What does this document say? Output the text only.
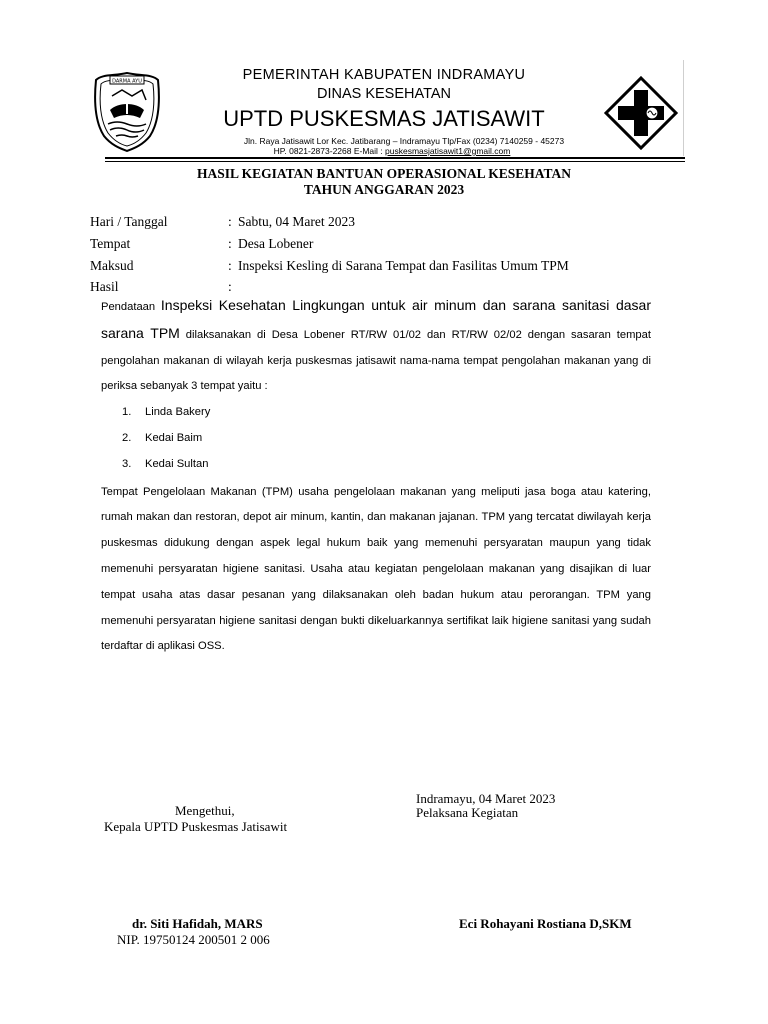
DARMA AYU	PEMERINTAH KABUPATEN INDRAMAYU
DINAS KESEHATAN
UPTD PUSKESMAS JATISAWIT
Jln. Raya Jatisawit Lor Kec. Jatibarang – Indramayu Tlp/Fax (0234) 7140259 - 45273
HP. 0821-2873-2268 E-Mail : puskesmasjatisawit1@gmail.com
HASIL KEGIATAN BANTUAN OPERASIONAL KESEHATAN
TAHUN ANGGARAN 2023
Hari / Tanggal	: Sabtu, 04 Maret 2023
Tempat	: Desa Lobener
Maksud	: Inspeksi Kesling di Sarana Tempat dan Fasilitas Umum TPM
Hasil	:

Pendataan Inspeksi Kesehatan Lingkungan untuk air minum dan sarana sanitasi dasar sarana TPM dilaksanakan di Desa Lobener RT/RW 01/02 dan RT/RW 02/02 dengan sasaran tempat pengolahan makanan di wilayah kerja puskesmas jatisawit nama-nama tempat pengolahan makanan yang di periksa sebanyak 3 tempat yaitu :

1. Linda Bakery
2. Kedai Baim
3. Kedai Sultan

Tempat Pengelolaan Makanan (TPM) usaha pengelolaan makanan yang meliputi jasa boga atau katering, rumah makan dan restoran, depot air minum, kantin, dan makanan jajanan. TPM yang tercatat diwilayah kerja puskesmas didukung dengan aspek legal hukum baik yang memenuhi persyaratan maupun yang tidak memenuhi persyaratan higiene sanitasi. Usaha atau kegiatan pengelolaan makanan yang disajikan di luar tempat usaha atas dasar pesanan yang dilaksanakan oleh badan hukum atau perorangan. TPM yang memenuhi persyaratan higiene sanitasi dengan bukti dikeluarkannya sertifikat laik higiene sanitasi yang sudah terdaftar di aplikasi OSS.

Indramayu, 04 Maret 2023
Pelaksana Kegiatan
Mengethui,
Kepala UPTD Puskesmas Jatisawit
dr. Siti Hafidah, MARS
NIP. 19750124 200501 2 006
Eci Rohayani Rostiana D,SKM
